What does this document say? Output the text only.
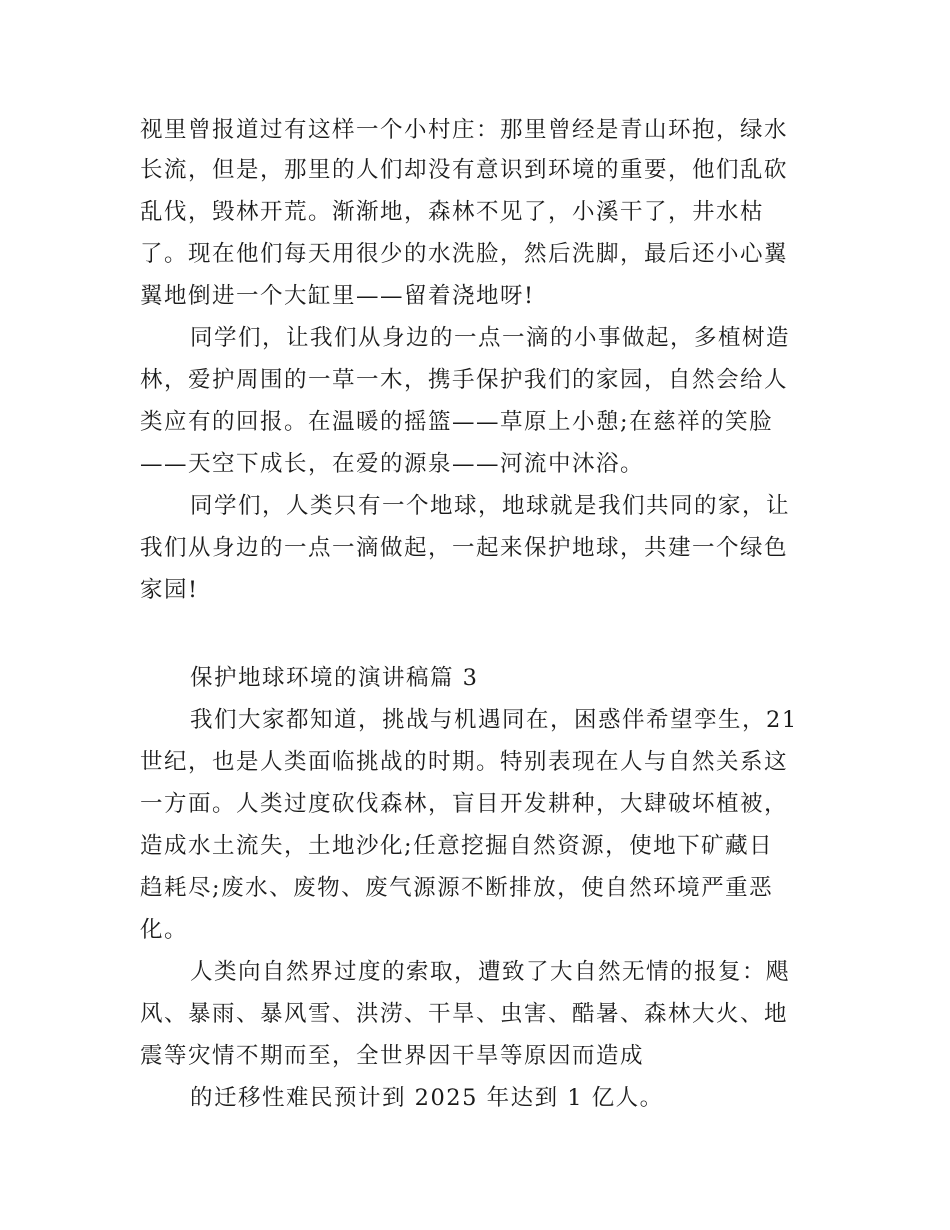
视里曾报道过有这样一个小村庄：那里曾经是青山环抱，绿水
长流，但是，那里的人们却没有意识到环境的重要，他们乱砍
乱伐，毁林开荒。渐渐地，森林不见了，小溪干了，井水枯
了。现在他们每天用很少的水洗脸，然后洗脚，最后还小心翼
翼地倒进一个大缸里——留着浇地呀!
同学们，让我们从身边的一点一滴的小事做起，多植树造
林，爱护周围的一草一木，携手保护我们的家园，自然会给人
类应有的回报。在温暖的摇篮——草原上小憩;在慈祥的笑脸
——天空下成长，在爱的源泉——河流中沐浴。
同学们，人类只有一个地球，地球就是我们共同的家，让
我们从身边的一点一滴做起，一起来保护地球，共建一个绿色
家园!
保护地球环境的演讲稿篇 3
我们大家都知道，挑战与机遇同在，困惑伴希望孪生，21
世纪，也是人类面临挑战的时期。特别表现在人与自然关系这
一方面。人类过度砍伐森林，盲目开发耕种，大肆破坏植被，
造成水土流失，土地沙化;任意挖掘自然资源，使地下矿藏日
趋耗尽;废水、废物、废气源源不断排放，使自然环境严重恶
化。
人类向自然界过度的索取，遭致了大自然无情的报复：飓
风、暴雨、暴风雪、洪涝、干旱、虫害、酷暑、森林大火、地
震等灾情不期而至，全世界因干旱等原因而造成
的迁移性难民预计到 2025 年达到 1 亿人。
